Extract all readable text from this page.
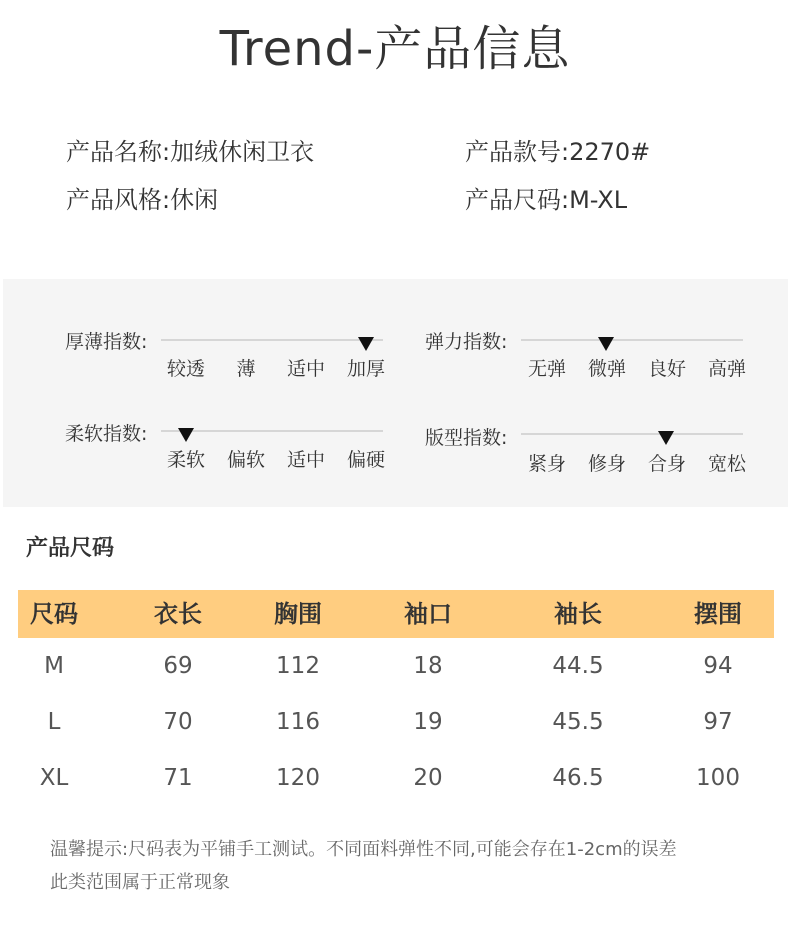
Trend-产品信息
产品名称:加绒休闲卫衣	产品款号:2270#
产品风格:休闲	产品尺码:M-XL
厚薄指数:
较透 薄 适中 加厚
弹力指数:
无弹 微弹 良好 高弹
柔软指数:
柔软 偏软 适中 偏硬
版型指数:
紧身 修身 合身 宽松
产品尺码
尺码	衣长	胸围	袖口	袖长	摆围
M	69	112	18	44.5	94
L	70	116	19	45.5	97
XL	71	120	20	46.5	100
温馨提示:尺码表为平铺手工测试。不同面料弹性不同,可能会存在1-2cm的误差
此类范围属于正常现象
